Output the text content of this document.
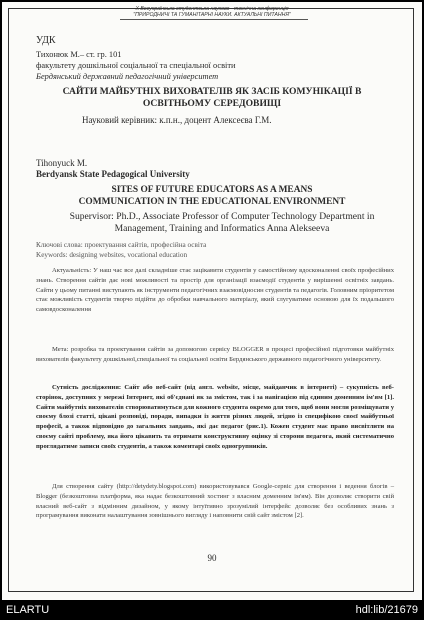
X Всеукраїнська студентська науково - технічна конференція
"ПРИРОДНИЧІ ТА ГУМАНІТАРНІ НАУКИ. АКТУАЛЬНІ ПИТАННЯ"
УДК
Тихонюк М.– ст. гр. 101
факультету дошкільної соціальної та спеціальної освіти
Бердянський державний педагогічний університет
САЙТИ МАЙБУТНІХ ВИХОВАТЕЛІВ ЯК ЗАСІБ КОМУНІКАЦІЇ В
ОСВІТНЬОМУ СЕРЕДОВИЩІ
Науковий керівник: к.п.н., доцент Алексеєва Г.М.
Tihonyuck M.
Berdyansk State Pedagogical University
SITES OF FUTURE EDUCATORS AS A MEANS
COMMUNICATION IN THE EDUCATIONAL ENVIRONMENT
Supervisor: Ph.D., Associate Professor of Computer Technology Department in
Management, Training and Informatics Anna Alekseeva
Ключові слова: проектування сайтів, професійна освіта
Keywords: designing websites, vocational education
Актуальність: У наш час все далі складніше стає зацікавити студентів у самостійному вдосконаленні своїх професійних знань. Створення сайтів дає нові можливості та простір для організації взаємодії студентів у вирішенні освітніх завдань. Сайти у цьому питанні виступають як інструменти педагогічних взаємовідносин студентів та педагогів. Головним пріоритетом стає можливість студентів творчо підійти до обробки навчального матеріалу, який слугуватиме основою для їх подальшого самовдосконалення
Мета: розробка та проектування сайтів за допомогою сервісу BLOGGER в процесі професійної підготовки майбутніх вихователів факультету дошкільної,спеціальної та соціальної освіти Бердянського державного педагогічного університету.
Сутність дослідження: Сайт або веб-сайт (від англ. website, місце, майданчик в інтернеті) – сукупність веб-сторінок, доступних у мережі Інтернет, які об'єднані як за змістом, так і за навігацією під єдиним доменним ім'ям [1]. Сайти майбутніх вихователів створюватимуться для кожного студента окремо для того, щоб вони могли розміщувати у своєму блозі статті, цікаві розповіді, поради, випадки із життя різних людей, згідно із специфікою своєї майбутньої професії, а також відповідно до загальних завдань, які дає педагог (рис.1). Кожен студент має право висвітлити на своєму сайті проблему, яка його цікавить та отримати конструктивну оцінку зі сторони педагога, який систематично проглядатиме записи своїх студентів, а також коментарі своїх одногрупників.
Для створення сайту (http://detydety.blogspot.com) використовувався Google-сервіс для створення і ведення блогів – Blogger (безкоштовна платформа, яка надає безкоштовний хостинг з власним доменним ім'ям). Він дозволяє створити свій власний веб-сайт з відмінним дизайном, у якому інтуїтивно зрозумілий інтерфейс дозволяє без особливих знань з програмування виконати налаштування зовнішнього вигляду і наповнити свій сайт змістом [2].
90
ELARTU	hdl:lib/21679
